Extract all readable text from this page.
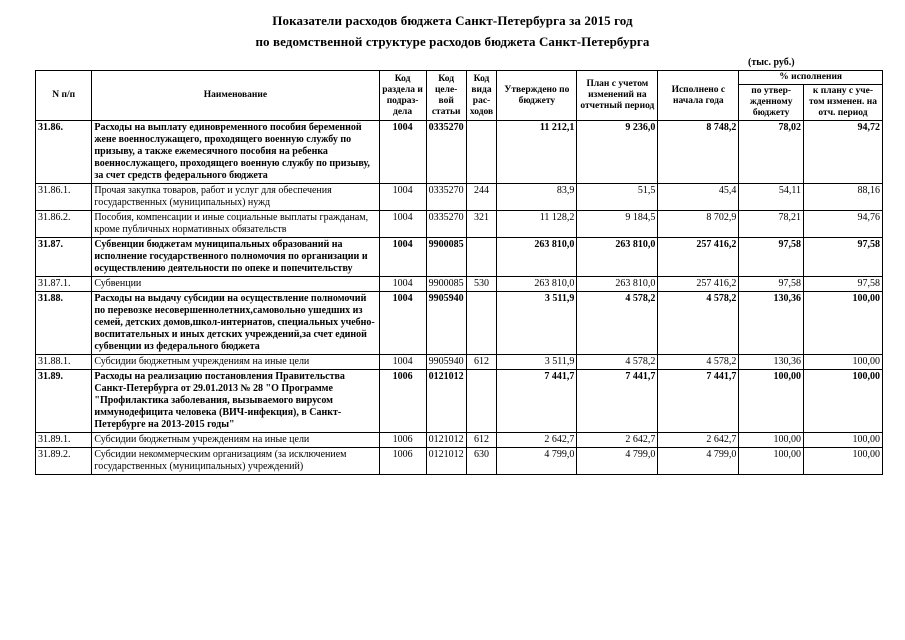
Показатели расходов бюджета Санкт-Петербурга за 2015 год
по ведомственной структуре расходов бюджета Санкт-Петербурга
(тыс. руб.)
N п/п	Наименование	Код раздела и подраз-дела	Код целе-вой статьи	Код вида рас-ходов	Утверждено по бюджету	План с учетом изменений на отчетный период	Исполнено с начала года	% исполнения	
								по утвер-жденному бюджету	к плану с уче-том изменен. на отч. период
31.86.	Расходы на выплату единовременного пособия беременной жене военнослужащего, проходящего военную службу по призыву, а также ежемесячного пособия на ребенка военнослужащего, проходящего военную службу по призыву, за счет средств федерального бюджета	1004	0335270		11 212,1	9 236,0	8 748,2	78,02	94,72
31.86.1.	Прочая закупка товаров, работ и услуг для обеспечения государственных (муниципальных) нужд	1004	0335270	244	83,9	51,5	45,4	54,11	88,16
31.86.2.	Пособия, компенсации и иные социальные выплаты гражданам, кроме публичных нормативных обязательств	1004	0335270	321	11 128,2	9 184,5	8 702,9	78,21	94,76
31.87.	Субвенции бюджетам муниципальных образований на исполнение государственного полномочия по организации и осуществлению деятельности по опеке и попечительству	1004	9900085		263 810,0	263 810,0	257 416,2	97,58	97,58
31.87.1.	Субвенции	1004	9900085	530	263 810,0	263 810,0	257 416,2	97,58	97,58
31.88.	Расходы на выдачу субсидии на осуществление полномочий по перевозке несовершеннолетних,самовольно ушедших из семей, детских домов,школ-интернатов, специальных учебно-воспитательных и иных детских учреждений,за счет единой субвенции из федерального бюджета	1004	9905940		3 511,9	4 578,2	4 578,2	130,36	100,00
31.88.1.	Субсидии бюджетным учреждениям на иные цели	1004	9905940	612	3 511,9	4 578,2	4 578,2	130,36	100,00
31.89.	Расходы на реализацию постановления Правительства Санкт-Петербурга от 29.01.2013 № 28 "О Программе "Профилактика заболевания, вызываемого вирусом иммунодефицита человека (ВИЧ-инфекция), в Санкт-Петербурге на 2013-2015 годы"	1006	0121012		7 441,7	7 441,7	7 441,7	100,00	100,00
31.89.1.	Субсидии бюджетным учреждениям на иные цели	1006	0121012	612	2 642,7	2 642,7	2 642,7	100,00	100,00
31.89.2.	Субсидии некоммерческим организациям (за исключением государственных (муниципальных) учреждений)	1006	0121012	630	4 799,0	4 799,0	4 799,0	100,00	100,00
